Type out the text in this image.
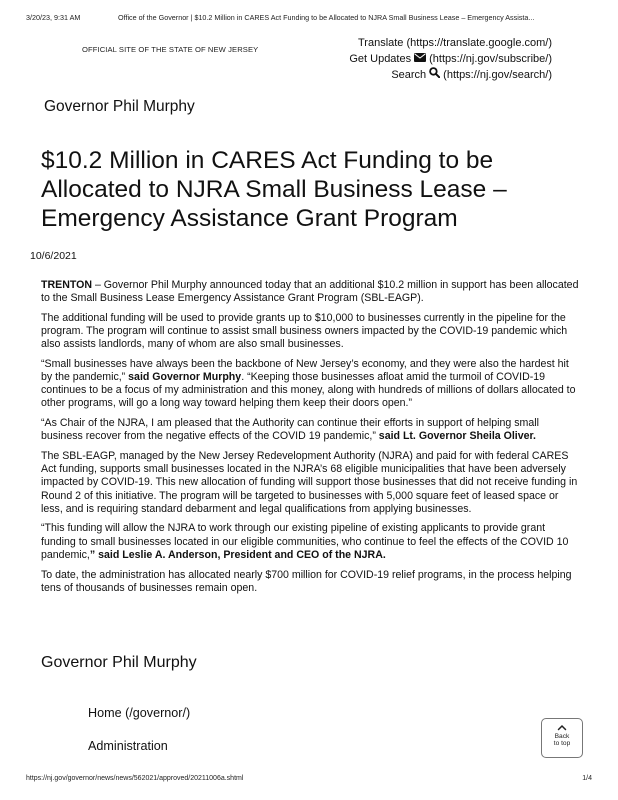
3/20/23, 9:31 AM	Office of the Governor | $10.2 Million in CARES Act Funding to be Allocated to NJRA Small Business Lease – Emergency Assista...
OFFICIAL SITE OF THE STATE OF NEW JERSEY
Translate (https://translate.google.com/)
Get Updates (https://nj.gov/subscribe/)
Search (https://nj.gov/search/)
Governor Phil Murphy
$10.2 Million in CARES Act Funding to be Allocated to NJRA Small Business Lease – Emergency Assistance Grant Program
10/6/2021

TRENTON – Governor Phil Murphy announced today that an additional $10.2 million in support has been allocated to the Small Business Lease Emergency Assistance Grant Program (SBL-EAGP).

The additional funding will be used to provide grants up to $10,000 to businesses currently in the pipeline for the program. The program will continue to assist small business owners impacted by the COVID-19 pandemic which also assists landlords, many of whom are also small businesses.

“Small businesses have always been the backbone of New Jersey’s economy, and they were also the hardest hit by the pandemic,” said Governor Murphy. “Keeping those businesses afloat amid the turmoil of COVID-19 continues to be a focus of my administration and this money, along with hundreds of millions of dollars allocated to other programs, will go a long way toward helping them keep their doors open.”

“As Chair of the NJRA, I am pleased that the Authority can continue their efforts in support of helping small business recover from the negative effects of the COVID 19 pandemic,” said Lt. Governor Sheila Oliver.

The SBL-EAGP, managed by the New Jersey Redevelopment Authority (NJRA) and paid for with federal CARES Act funding, supports small businesses located in the NJRA’s 68 eligible municipalities that have been adversely impacted by COVID-19. This new allocation of funding will support those businesses that did not receive funding in Round 2 of this initiative. The program will be targeted to businesses with 5,000 square feet of leased space or less, and is requiring standard debarment and legal qualifications from applying businesses.

“This funding will allow the NJRA to work through our existing pipeline of existing applicants to provide grant funding to small businesses located in our eligible communities, who continue to feel the effects of the COVID 10 pandemic,” said Leslie A. Anderson, President and CEO of the NJRA.

To date, the administration has allocated nearly $700 million for COVID-19 relief programs, in the process helping tens of thousands of businesses remain open.

Governor Phil Murphy
Home (/governor/)
Administration
Back
to top
https://nj.gov/governor/news/news/562021/approved/20211006a.shtml	1/4
